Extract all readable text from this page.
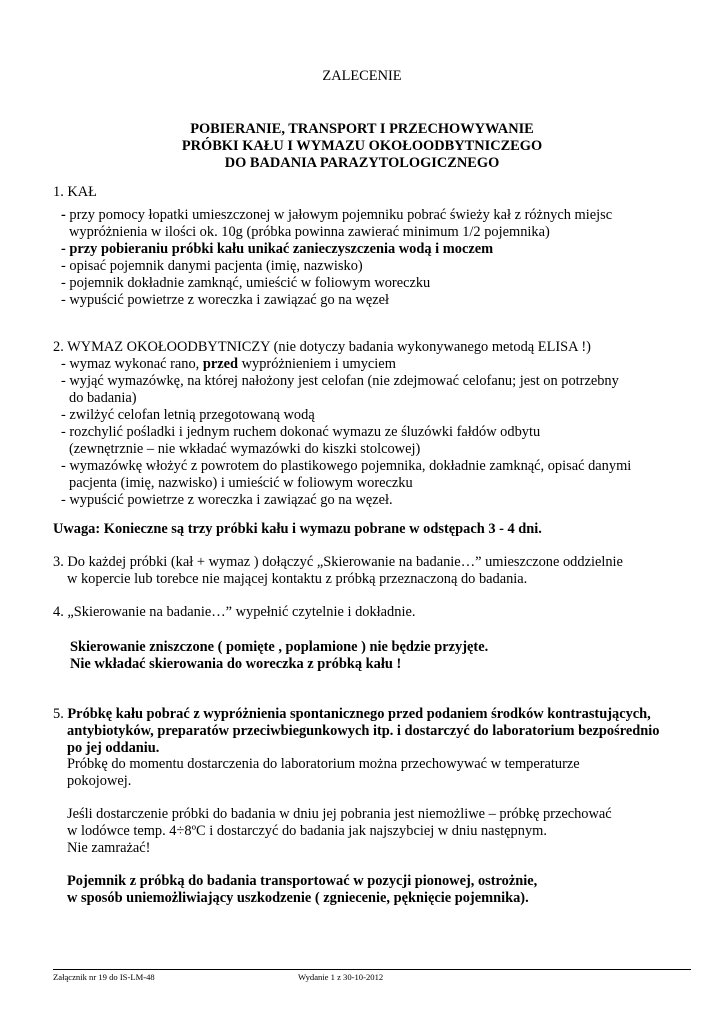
ZALECENIE
POBIERANIE, TRANSPORT I PRZECHOWYWANIE
PRÓBKI KAŁU I WYMAZU OKOŁOODBYTNICZEGO
DO BADANIA PARAZYTOLOGICZNEGO
1. KAŁ
- przy pomocy łopatki umieszczonej w jałowym pojemniku pobrać świeży kał z różnych miejsc
wypróżnienia w ilości ok. 10g (próbka powinna zawierać minimum 1/2 pojemnika)
- przy pobieraniu próbki kału unikać zanieczyszczenia wodą i moczem
- opisać pojemnik danymi pacjenta (imię, nazwisko)
- pojemnik dokładnie zamknąć, umieścić w foliowym woreczku
- wypuścić powietrze z woreczka i zawiązać go na węzeł
2. WYMAZ OKOŁOODBYTNICZY (nie dotyczy badania wykonywanego metodą ELISA !)
- wymaz wykonać rano, przed wypróżnieniem i umyciem
- wyjąć wymazówkę, na której nałożony jest celofan (nie zdejmować celofanu; jest on potrzebny
do badania)
- zwilżyć celofan letnią przegotowaną wodą
- rozchylić pośladki i jednym ruchem dokonać wymazu ze śluzówki fałdów odbytu
(zewnętrznie – nie wkładać wymazówki do kiszki stolcowej)
- wymazówkę włożyć z powrotem do plastikowego pojemnika, dokładnie zamknąć, opisać danymi
pacjenta (imię, nazwisko) i umieścić w foliowym woreczku
- wypuścić powietrze z woreczka i zawiązać go na węzeł.
Uwaga: Konieczne są trzy próbki kału i wymazu pobrane w odstępach 3 - 4 dni.
3. Do każdej próbki (kał + wymaz ) dołączyć „Skierowanie na badanie…” umieszczone oddzielnie
w kopercie lub torebce nie mającej kontaktu z próbką przeznaczoną do badania.
4. „Skierowanie na badanie…” wypełnić czytelnie i dokładnie.
Skierowanie zniszczone ( pomięte , poplamione ) nie będzie przyjęte.
Nie wkładać skierowania do woreczka z próbką kału !
5. Próbkę kału pobrać z wypróżnienia spontanicznego przed podaniem środków kontrastujących,
antybiotyków, preparatów przeciwbiegunkowych itp. i dostarczyć do laboratorium bezpośrednio
po jej oddaniu.
Próbkę do momentu dostarczenia do laboratorium można przechowywać w temperaturze
pokojowej.
Jeśli dostarczenie próbki do badania w dniu jej pobrania jest niemożliwe – próbkę przechować
w lodówce temp. 4÷8ºC i dostarczyć do badania jak najszybciej w dniu następnym.
Nie zamrażać!
Pojemnik z próbką do badania transportować w pozycji pionowej, ostrożnie,
w sposób uniemożliwiający uszkodzenie ( zgniecenie, pęknięcie pojemnika).
Załącznik nr 19 do IS-LM-48	Wydanie 1 z 30-10-2012
